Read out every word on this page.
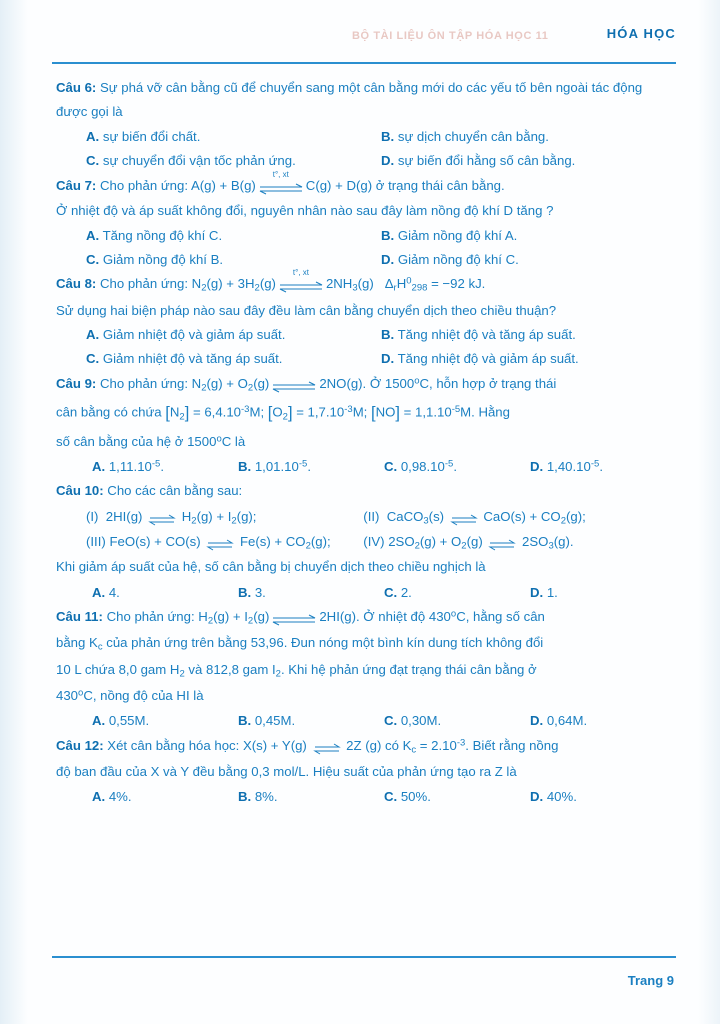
BỘ TÀI LIỆU ÔN TẬP HÓA HỌC 11	HÓA HỌC
Câu 6: Sự phá vỡ cân bằng cũ để chuyển sang một cân bằng mới do các yếu tố bên ngoài tác động được gọi là
A. sự biến đổi chất.	B. sự dịch chuyển cân bằng.
C. sự chuyển đổi vận tốc phản ứng.	D. sự biến đổi hằng số cân bằng.
Câu 7: Cho phản ứng: A(g) + B(g)
t°, xt
C(g) + D(g) ở trạng thái cân bằng.
Ở nhiệt độ và áp suất không đổi, nguyên nhân nào sau đây làm nồng độ khí D tăng ?
A. Tăng nồng độ khí C.	B. Giảm nồng độ khí A.
C. Giảm nồng độ khí B.	D. Giảm nồng độ khí C.
Câu 8: Cho phản ứng: $N_2(g) + 3H_2(g)$
t°, xt
$2NH_3(g) \Delta_rH^0_{298} = -92$ kJ.
Sử dụng hai biện pháp nào sau đây đều làm cân bằng chuyển dịch theo chiều thuận?
A. Giảm nhiệt độ và giảm áp suất.	B. Tăng nhiệt độ và tăng áp suất.
C. Giảm nhiệt độ và tăng áp suất.	D. Tăng nhiệt độ và giảm áp suất.
Câu 9: Cho phản ứng: $N_2(g) + O_2(g)$ ⇌ 2NO(g). Ở 1500$^o$C, hỗn hợp ở trạng thái
cân bằng có chứa $[N_2] = 6,4.10^{-3}M$; $[O_2] = 1,7.10^{-3}M$; $[NO] = 1,1.10^{-5}M$. Hằng
số cân bằng của hệ ở 1500$^o$C là
A. $1,11.10^{-5}$.	B. $1,01.10^{-5}$.	C. $0,98.10^{-5}$.	D. $1,40.10^{-5}$.
Câu 10: Cho các cân bằng sau:
(I)  2HI(g) ⇌ $H_2(g) + I_2(g)$;	(II)  CaCO$_3$(s) ⇌ $CaO(s) + CO_2(g)$;
(III) FeO(s) + CO(s) ⇌ $Fe(s) + CO_2(g)$;	(IV) $2SO_2(g) + O_2(g)$ ⇌ $2SO_3(g)$.
Khi giảm áp suất của hệ, số cân bằng bị chuyển dịch theo chiều nghịch là
A. 4.	B. 3.	C. 2.	D. 1.
Câu 11: Cho phản ứng: $H_2(g) + I_2(g)$ ⇌ 2HI(g). Ở nhiệt độ 430$^o$C, hằng số cân
bằng $K_c$ của phản ứng trên bằng 53,96. Đun nóng một bình kín dung tích không đổi
10 L chứa 8,0 gam $H_2$ và 812,8 gam $I_2$. Khi hệ phản ứng đạt trạng thái cân bằng ở
430$^o$C, nồng độ của HI là
A. 0,55M.	B. 0,45M.	C. 0,30M.	D. 0,64M.
Câu 12: Xét cân bằng hóa học: X(s) + Y(g) ⇌ 2Z (g) có $K_c = 2.10^{-3}$. Biết rằng nồng
độ ban đầu của X và Y đều bằng 0,3 mol/L. Hiệu suất của phản ứng tạo ra Z là
A. 4%.	B. 8%.	C. 50%.	D. 40%.
Trang 9
